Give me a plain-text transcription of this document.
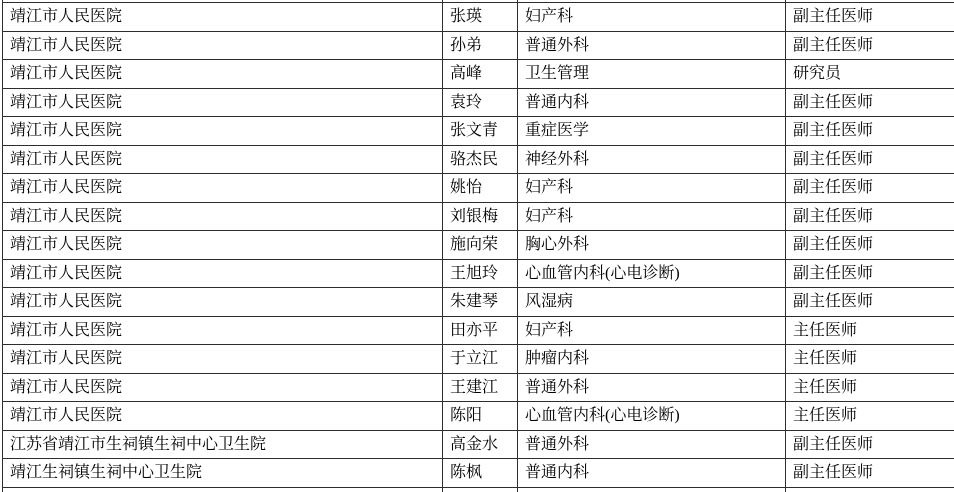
靖江市人民医院	张瑛	妇产科	副主任医师
靖江市人民医院	孙弟	普通外科	副主任医师
靖江市人民医院	高峰	卫生管理	研究员
靖江市人民医院	袁玲	普通内科	副主任医师
靖江市人民医院	张文青	重症医学	副主任医师
靖江市人民医院	骆杰民	神经外科	副主任医师
靖江市人民医院	姚怡	妇产科	副主任医师
靖江市人民医院	刘银梅	妇产科	副主任医师
靖江市人民医院	施向荣	胸心外科	副主任医师
靖江市人民医院	王旭玲	心血管内科(心电诊断)	副主任医师
靖江市人民医院	朱建琴	风湿病	副主任医师
靖江市人民医院	田亦平	妇产科	主任医师
靖江市人民医院	于立江	肿瘤内科	主任医师
靖江市人民医院	王建江	普通外科	主任医师
靖江市人民医院	陈阳	心血管内科(心电诊断)	主任医师
江苏省靖江市生祠镇生祠中心卫生院	高金水	普通外科	副主任医师
靖江生祠镇生祠中心卫生院	陈枫	普通内科	副主任医师
